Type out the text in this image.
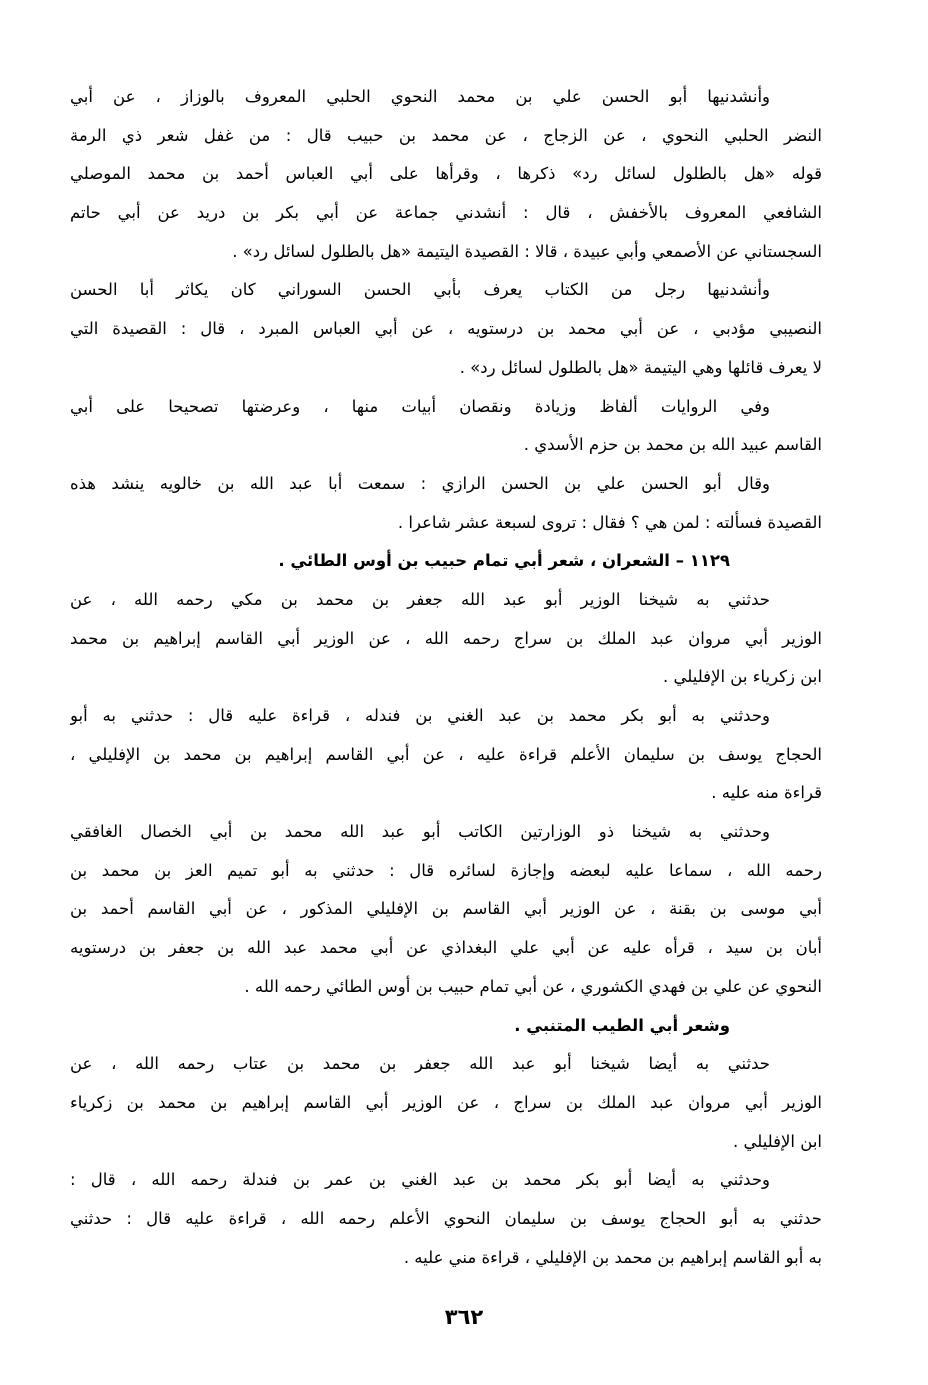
وأنشدنيها أبو الحسن علي بن محمد النحوي الحلبي المعروف بالوزاز ، عن أبي
النضر الحلبي النحوي ، عن الزجاج ، عن محمد بن حبيب قال : من غفل شعر ذي الرمة
قوله «هل بالطلول لسائل رد» ذكرها ، وقرأها على أبي العباس أحمد بن محمد الموصلي
الشافعي المعروف بالأخفش ، قال : أنشدني جماعة عن أبي بكر بن دريد عن أبي حاتم
السجستاني عن الأصمعي وأبي عبيدة ، قالا : القصيدة اليتيمة «هل بالطلول لسائل رد» .
وأنشدنيها رجل من الكتاب يعرف بأبي الحسن السوراني كان يكاثر أبا الحسن
النصيبي مؤدبي ، عن أبي محمد بن درستويه ، عن أبي العباس المبرد ، قال : القصيدة التي
لا يعرف قائلها وهي اليتيمة «هل بالطلول لسائل رد» .
وفي الروايات ألفاظ وزيادة ونقصان أبيات منها ، وعرضتها تصحيحا على أبي
القاسم عبيد الله بن محمد بن حزم الأسدي .
وقال أبو الحسن علي بن الحسن الرازي : سمعت أبا عبد الله بن خالويه ينشد هذه
القصيدة فسألته : لمن هي ؟ فقال : تروى لسبعة عشر شاعرا .
١١٢٩ – الشعران ، شعر أبي تمام حبيب بن أوس الطائي .
حدثني به شيخنا الوزير أبو عبد الله جعفر بن محمد بن مكي رحمه الله ، عن
الوزير أبي مروان عبد الملك بن سراج رحمه الله ، عن الوزير أبي القاسم إبراهيم بن محمد
ابن زكرياء بن الإفليلي .
وحدثني به أبو بكر محمد بن عبد الغني بن فندله ، قراءة عليه قال : حدثني به أبو
الحجاج يوسف بن سليمان الأعلم قراءة عليه ، عن أبي القاسم إبراهيم بن محمد بن الإفليلي ،
قراءة منه عليه .
وحدثني به شيخنا ذو الوزارتين الكاتب أبو عبد الله محمد بن أبي الخصال الغافقي
رحمه الله ، سماعا عليه لبعضه وإجازة لسائره قال : حدثني به أبو تميم العز بن محمد بن
أبي موسى بن بقنة ، عن الوزير أبي القاسم بن الإفليلي المذكور ، عن أبي القاسم أحمد بن
أبان بن سيد ، قرأه عليه عن أبي علي البغداذي عن أبي محمد عبد الله بن جعفر بن درستويه
النحوي عن علي بن فهدي الكشوري ، عن أبي تمام حبيب بن أوس الطائي رحمه الله .
وشعر أبي الطيب المتنبي .
حدثني به أيضا شيخنا أبو عبد الله جعفر بن محمد بن عتاب رحمه الله ، عن
الوزير أبي مروان عبد الملك بن سراج ، عن الوزير أبي القاسم إبراهيم بن محمد بن زكرياء
ابن الإفليلي .
وحدثني به أيضا أبو بكر محمد بن عبد الغني بن عمر بن فندلة رحمه الله ، قال :
حدثني به أبو الحجاج يوسف بن سليمان النحوي الأعلم رحمه الله ، قراءة عليه قال : حدثني
به أبو القاسم إبراهيم بن محمد بن الإفليلي ، قراءة مني عليه .
٣٦٢
